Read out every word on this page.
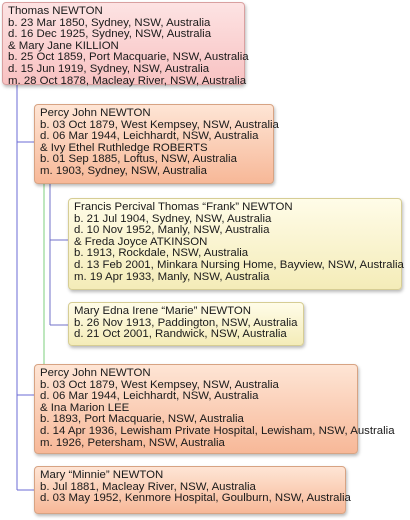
Thomas NEWTON
b. 23 Mar 1850, Sydney, NSW, Australia
d. 16 Dec 1925, Sydney, NSW, Australia
& Mary Jane KILLION
b. 25 Oct 1859, Port Macquarie, NSW, Australia
d. 15 Jun 1919, Sydney, NSW, Australia
m. 28 Oct 1878, Macleay River, NSW, Australia
Percy John NEWTON
b. 03 Oct 1879, West Kempsey, NSW, Australia
d. 06 Mar 1944, Leichhardt, NSW, Australia
& Ivy Ethel Ruthledge ROBERTS
b. 01 Sep 1885, Loftus, NSW, Australia
m. 1903, Sydney, NSW, Australia
Francis Percival Thomas “Frank” NEWTON
b. 21 Jul 1904, Sydney, NSW, Australia
d. 10 Nov 1952, Manly, NSW, Australia
& Freda Joyce ATKINSON
b. 1913, Rockdale, NSW, Australia
d. 13 Feb 2001, Minkara Nursing Home, Bayview, NSW, Australia
m. 19 Apr 1933, Manly, NSW, Australia
Mary Edna Irene “Marie” NEWTON
b. 26 Nov 1913, Paddington, NSW, Australia
d. 21 Oct 2001, Randwick, NSW, Australia
Percy John NEWTON
b. 03 Oct 1879, West Kempsey, NSW, Australia
d. 06 Mar 1944, Leichhardt, NSW, Australia
& Ina Marion LEE
b. 1893, Port Macquarie, NSW, Australia
d. 14 Apr 1936, Lewisham Private Hospital, Lewisham, NSW, Australia
m. 1926, Petersham, NSW, Australia
Mary “Minnie” NEWTON
b. Jul 1881, Macleay River, NSW, Australia
d. 03 May 1952, Kenmore Hospital, Goulburn, NSW, Australia
